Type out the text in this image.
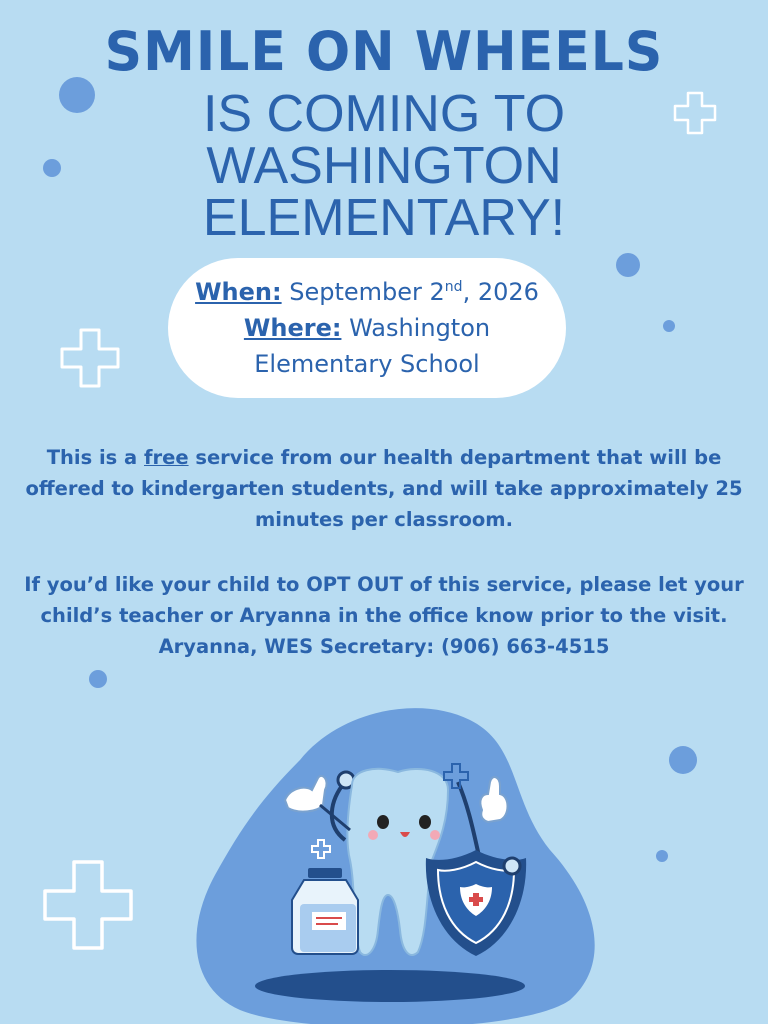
SMILE ON WHEELS
IS COMING TO
WASHINGTON
ELEMENTARY!
When: September 2nd, 2026
Where: Washington
Elementary School
This is a free service from our health department that will be
offered to kindergarten students, and will take approximately 25
minutes per classroom.
If you’d like your child to OPT OUT of this service, please let your
child’s teacher or Aryanna in the office know prior to the visit.
Aryanna, WES Secretary: (906) 663-4515
